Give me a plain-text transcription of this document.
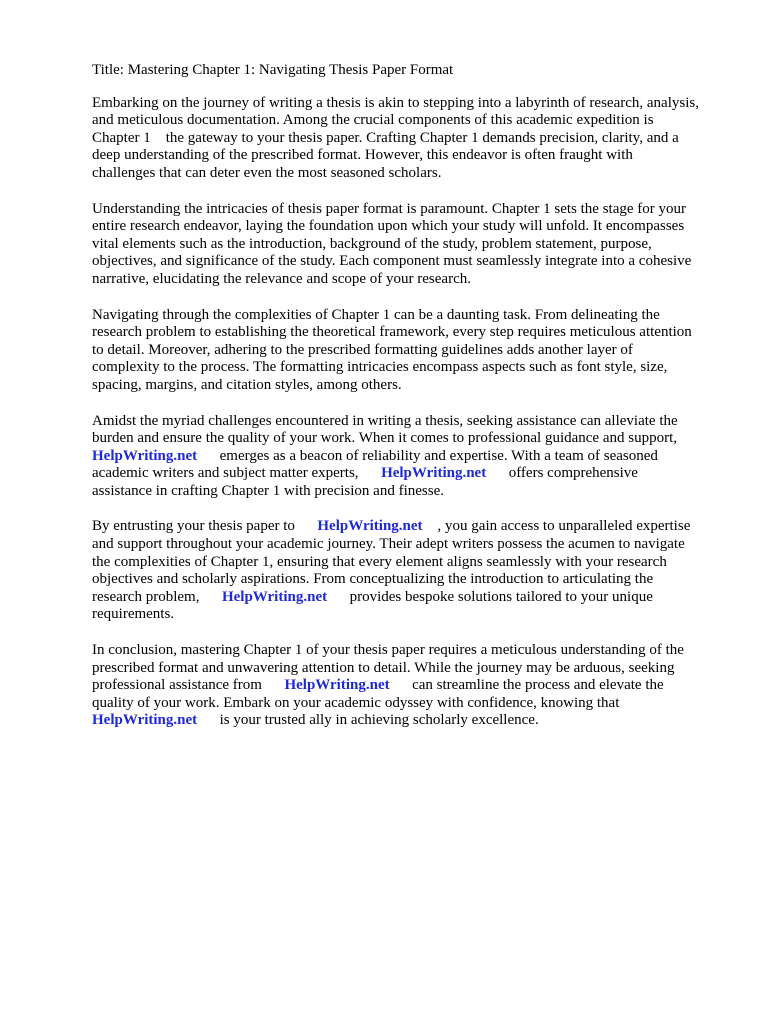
Title: Mastering Chapter 1: Navigating Thesis Paper Format
Embarking on the journey of writing a thesis is akin to stepping into a labyrinth of research, analysis,
and meticulous documentation. Among the crucial components of this academic expedition is
Chapter 1    the gateway to your thesis paper. Crafting Chapter 1 demands precision, clarity, and a
deep understanding of the prescribed format. However, this endeavor is often fraught with
challenges that can deter even the most seasoned scholars.
Understanding the intricacies of thesis paper format is paramount. Chapter 1 sets the stage for your
entire research endeavor, laying the foundation upon which your study will unfold. It encompasses
vital elements such as the introduction, background of the study, problem statement, purpose,
objectives, and significance of the study. Each component must seamlessly integrate into a cohesive
narrative, elucidating the relevance and scope of your research.
Navigating through the complexities of Chapter 1 can be a daunting task. From delineating the
research problem to establishing the theoretical framework, every step requires meticulous attention
to detail. Moreover, adhering to the prescribed formatting guidelines adds another layer of
complexity to the process. The formatting intricacies encompass aspects such as font style, size,
spacing, margins, and citation styles, among others.
Amidst the myriad challenges encountered in writing a thesis, seeking assistance can alleviate the
burden and ensure the quality of your work. When it comes to professional guidance and support,
HelpWriting.net      emerges as a beacon of reliability and expertise. With a team of seasoned
academic writers and subject matter experts,      HelpWriting.net      offers comprehensive
assistance in crafting Chapter 1 with precision and finesse.
By entrusting your thesis paper to      HelpWriting.net    , you gain access to unparalleled expertise
and support throughout your academic journey. Their adept writers possess the acumen to navigate
the complexities of Chapter 1, ensuring that every element aligns seamlessly with your research
objectives and scholarly aspirations. From conceptualizing the introduction to articulating the
research problem,      HelpWriting.net      provides bespoke solutions tailored to your unique
requirements.
In conclusion, mastering Chapter 1 of your thesis paper requires a meticulous understanding of the
prescribed format and unwavering attention to detail. While the journey may be arduous, seeking
professional assistance from      HelpWriting.net      can streamline the process and elevate the
quality of your work. Embark on your academic odyssey with confidence, knowing that
HelpWriting.net      is your trusted ally in achieving scholarly excellence.
